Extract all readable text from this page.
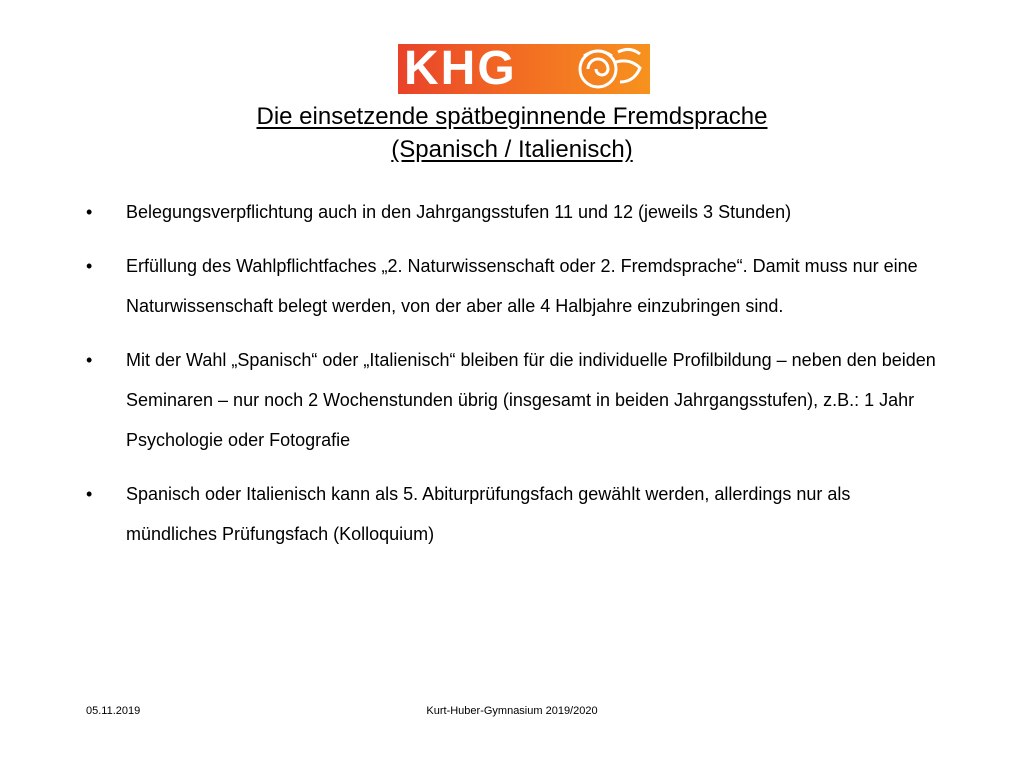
KHG
Die einsetzende spätbeginnende Fremdsprache
(Spanisch / Italienisch)
•	Belegungsverpflichtung auch in den Jahrgangsstufen 11 und 12 (jeweils 3 Stunden)
•	Erfüllung des Wahlpflichtfaches „2. Naturwissenschaft oder 2. Fremdsprache“. Damit muss nur eine Naturwissenschaft belegt werden, von der aber alle 4 Halbjahre einzubringen sind.
•	Mit der Wahl „Spanisch“ oder „Italienisch“ bleiben für die individuelle Profilbildung – neben den beiden Seminaren – nur noch 2 Wochenstunden übrig (insgesamt in beiden Jahrgangsstufen), z.B.: 1 Jahr Psychologie oder Fotografie
•	Spanisch oder Italienisch kann als 5. Abiturprüfungsfach gewählt werden, allerdings nur als mündliches Prüfungsfach (Kolloquium)
05.11.2019	Kurt-Huber-Gymnasium 2019/2020
